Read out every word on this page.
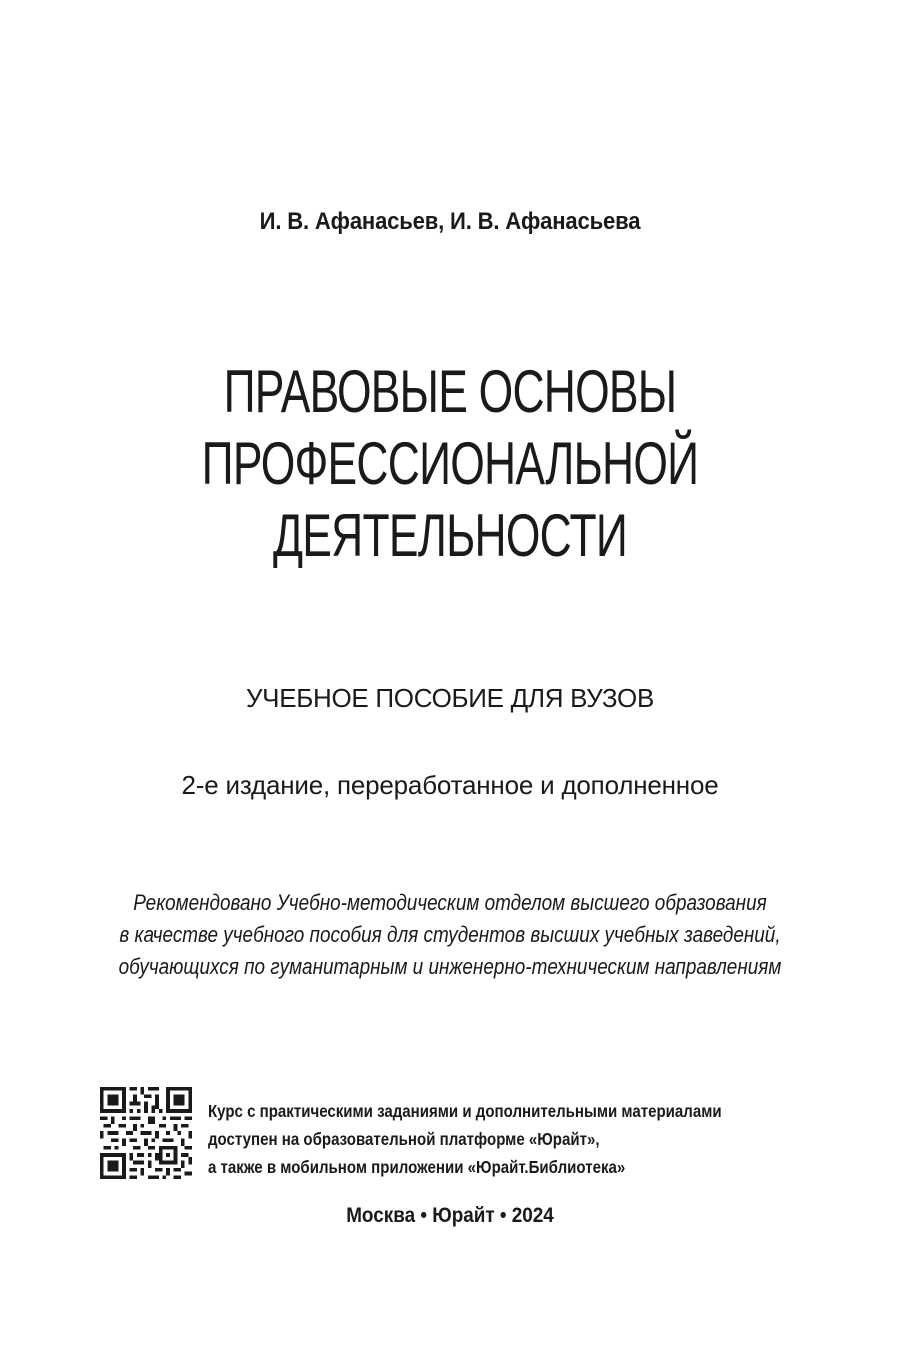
И. В. Афанасьев, И. В. Афанасьева
ПРАВОВЫЕ ОСНОВЫ
ПРОФЕССИОНАЛЬНОЙ
ДЕЯТЕЛЬНОСТИ
УЧЕБНОЕ ПОСОБИЕ ДЛЯ ВУЗОВ
2-е издание, переработанное и дополненное
Рекомендовано Учебно-методическим отделом высшего образования
в качестве учебного пособия для студентов высших учебных заведений,
обучающихся по гуманитарным и инженерно-техническим направлениям
Курс с практическими заданиями и дополнительными материалами
доступен на образовательной платформе «Юрайт»,
а также в мобильном приложении «Юрайт.Библиотека»
Москва • Юрайт • 2024
